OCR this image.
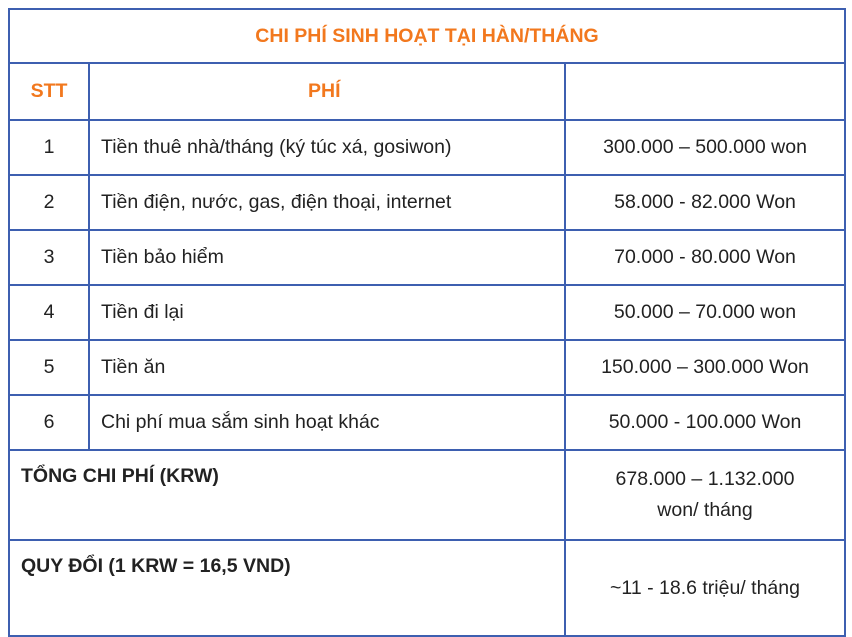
CHI PHÍ SINH HOẠT TẠI HÀN/THÁNG		
STT	PHÍ	
1	Tiền thuê nhà/tháng (ký túc xá, gosiwon)	300.000 – 500.000 won
2	Tiền điện, nước, gas, điện thoại, internet	58.000 - 82.000 Won
3	Tiền bảo hiểm	70.000 - 80.000 Won
4	Tiền đi lại	50.000 – 70.000 won
5	Tiền ăn	150.000 – 300.000 Won
6	Chi phí mua sắm sinh hoạt khác	50.000 - 100.000 Won
TỔNG CHI PHÍ (KRW)		678.000 – 1.132.000
won/ tháng

QUY ĐỔI (1 KRW = 16,5 VND)		~11 - 18.6 triệu/ tháng
